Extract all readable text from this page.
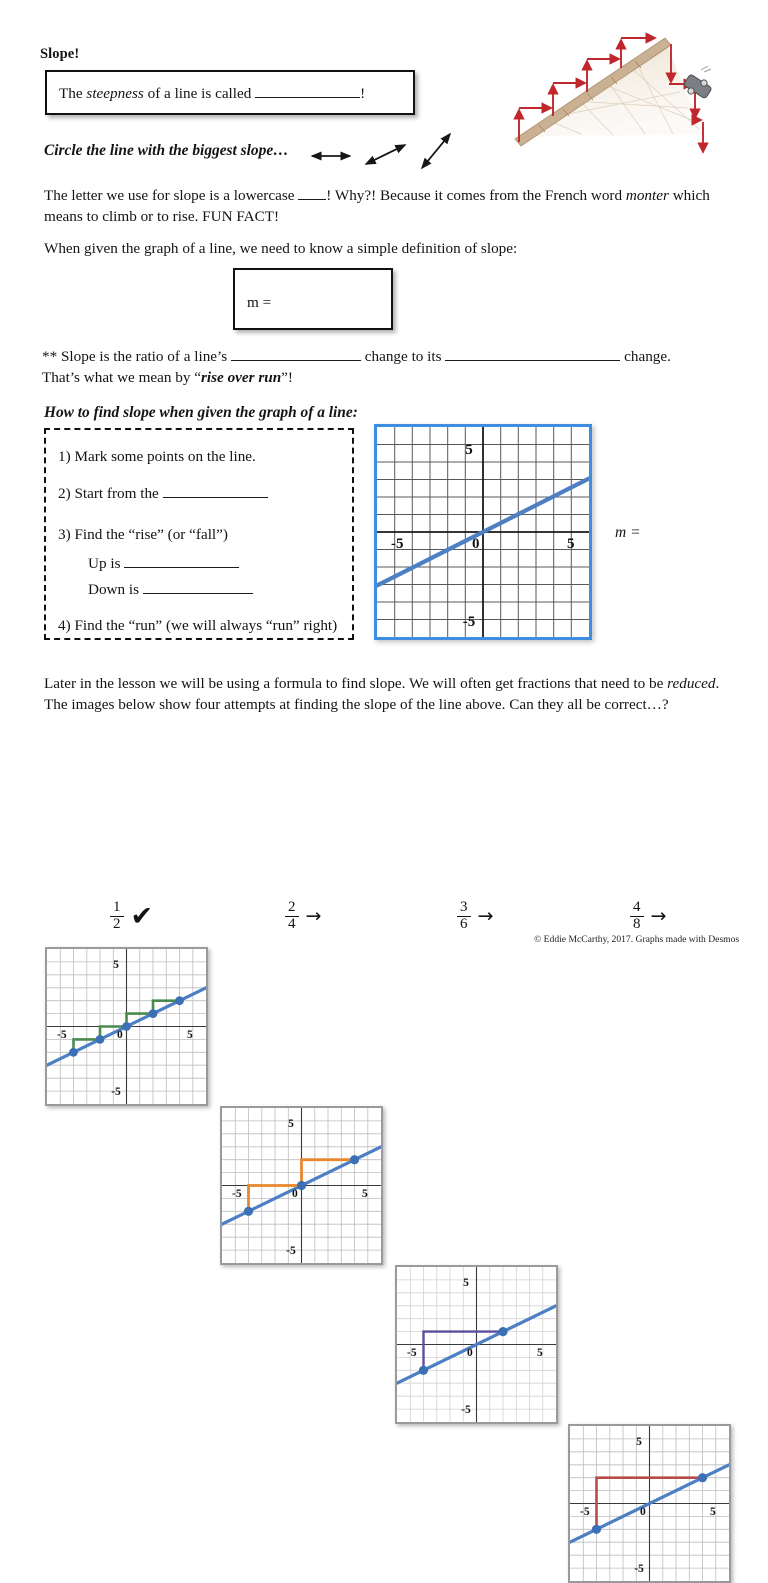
Slope!
The steepness of a line is called	!
Circle the line with the biggest slope…
The letter we use for slope is a lowercase ! Why?! Because it comes from the French word monter which means to climb or to rise. FUN FACT!
When given the graph of a line, we need to know a simple definition of slope:
m =
** Slope is the ratio of a line’s	change to its	change.
That’s what we mean by “rise over run”!
How to find slope when given the graph of a line:
1) Mark some points on the line.
2) Start from the
3) Find the “rise” (or “fall”)
Up is
Down is
4) Find the “run” (we will always “run” right)
5
-5
-5	0	5
m =
Later in the lesson we will be using a formula to find slope. We will often get fractions that need to be reduced. The images below show four attempts at finding the slope of the line above. Can they all be correct…?
5
-5
-5	0	5
5
-5
-5	0	5
5
-5
-5	0	5
5
-5
-5	0	5
$\frac{1}{2}$ ✔	$\frac{2}{4}$ →	$\frac{3}{6}$ →	$\frac{4}{8}$ →
© Eddie McCarthy, 2017. Graphs made with Desmos
